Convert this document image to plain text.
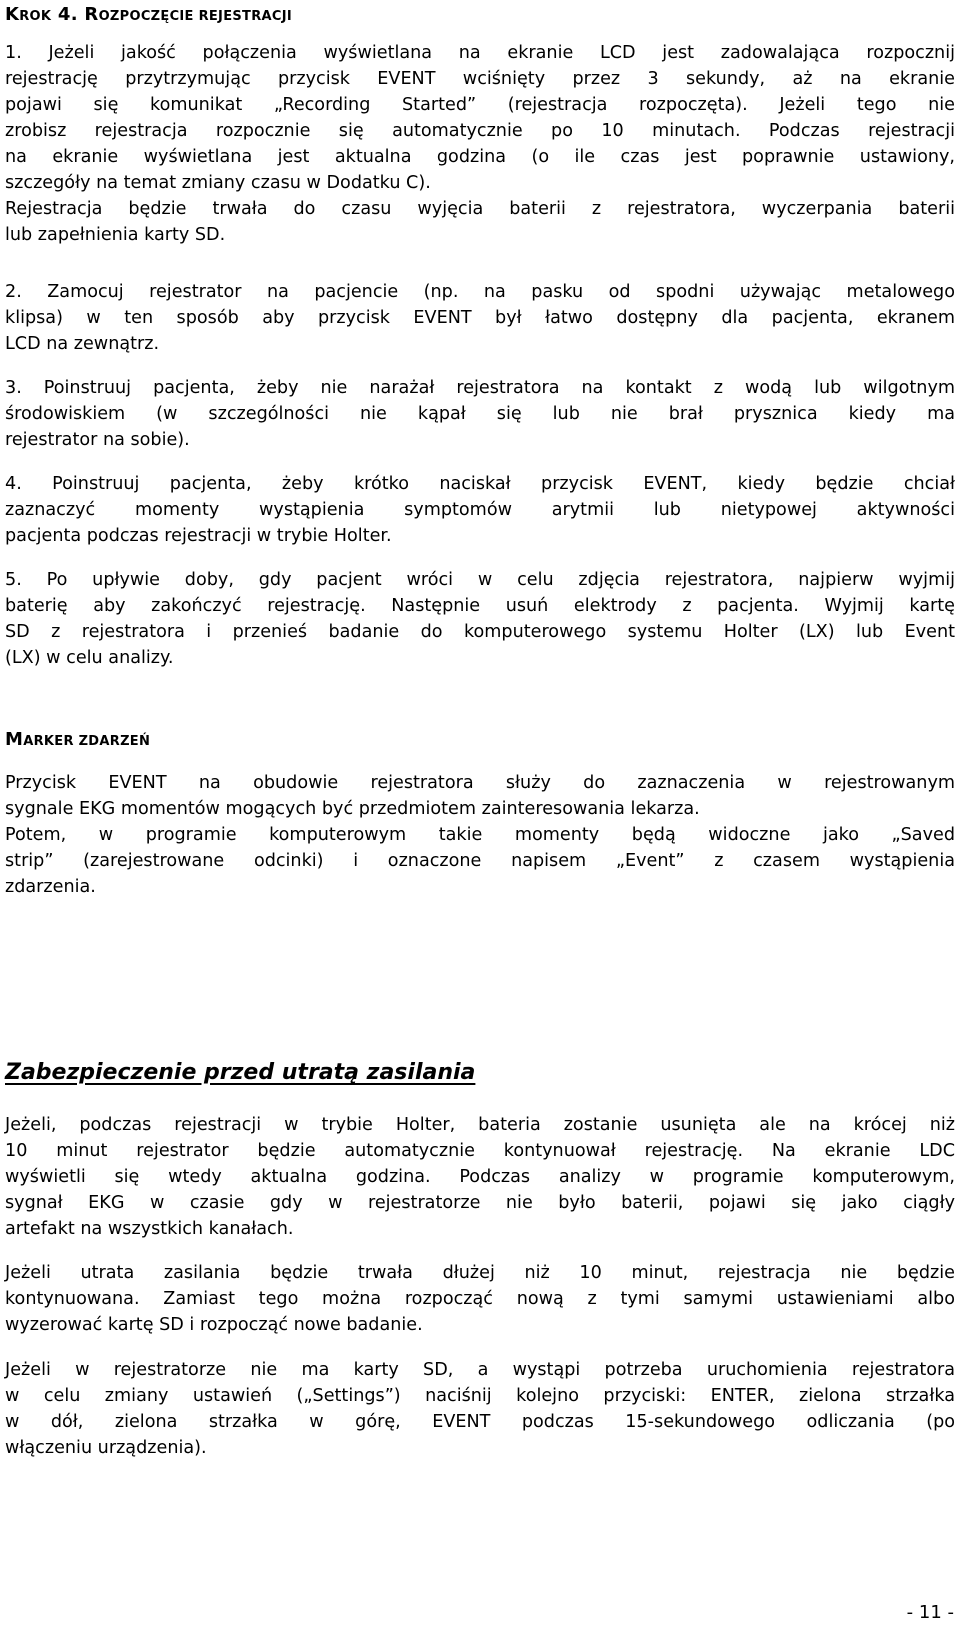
KROK 4. ROZPOCZĘCIE REJESTRACJI
1. Jeżeli jakość połączenia wyświetlana na ekranie LCD jest zadowalająca rozpocznij
rejestrację przytrzymując przycisk EVENT wciśnięty przez 3 sekundy, aż na ekranie
pojawi się komunikat „Recording Started” (rejestracja rozpoczęta). Jeżeli tego nie
zrobisz rejestracja rozpocznie się automatycznie po 10 minutach. Podczas rejestracji
na ekranie wyświetlana jest aktualna godzina (o ile czas jest poprawnie ustawiony,
szczegóły na temat zmiany czasu w Dodatku C).
Rejestracja będzie trwała do czasu wyjęcia baterii z rejestratora, wyczerpania baterii
lub zapełnienia karty SD.
2. Zamocuj rejestrator na pacjencie (np. na pasku od spodni używając metalowego
klipsa) w ten sposób aby przycisk EVENT był łatwo dostępny dla pacjenta, ekranem
LCD na zewnątrz.
3. Poinstruuj pacjenta, żeby nie narażał rejestratora na kontakt z wodą lub wilgotnym
środowiskiem (w szczególności nie kąpał się lub nie brał prysznica kiedy ma
rejestrator na sobie).
4. Poinstruuj pacjenta, żeby krótko naciskał przycisk EVENT, kiedy będzie chciał
zaznaczyć momenty wystąpienia symptomów arytmii lub nietypowej aktywności
pacjenta podczas rejestracji w trybie Holter.
5. Po upływie doby, gdy pacjent wróci w celu zdjęcia rejestratora, najpierw wyjmij
baterię aby zakończyć rejestrację. Następnie usuń elektrody z pacjenta. Wyjmij kartę
SD z rejestratora i przenieś badanie do komputerowego systemu Holter (LX) lub Event
(LX) w celu analizy.
MARKER ZDARZEŃ
Przycisk EVENT na obudowie rejestratora służy do zaznaczenia w rejestrowanym
sygnale EKG momentów mogących być przedmiotem zainteresowania lekarza.
Potem, w programie komputerowym takie momenty będą widoczne jako „Saved
strip” (zarejestrowane odcinki) i oznaczone napisem „Event” z czasem wystąpienia
zdarzenia.
Zabezpieczenie przed utratą zasilania
Jeżeli, podczas rejestracji w trybie Holter, bateria zostanie usunięta ale na krócej niż
10 minut rejestrator będzie automatycznie kontynuował rejestrację. Na ekranie LDC
wyświetli się wtedy aktualna godzina. Podczas analizy w programie komputerowym,
sygnał EKG w czasie gdy w rejestratorze nie było baterii, pojawi się jako ciągły
artefakt na wszystkich kanałach.
Jeżeli utrata zasilania będzie trwała dłużej niż 10 minut, rejestracja nie będzie
kontynuowana. Zamiast tego można rozpocząć nową z tymi samymi ustawieniami albo
wyzerować kartę SD i rozpocząć nowe badanie.
Jeżeli w rejestratorze nie ma karty SD, a wystąpi potrzeba uruchomienia rejestratora
w celu zmiany ustawień („Settings”) naciśnij kolejno przyciski: ENTER, zielona strzałka
w dół, zielona strzałka w górę, EVENT podczas 15-sekundowego odliczania (po
włączeniu urządzenia).
- 11 -
